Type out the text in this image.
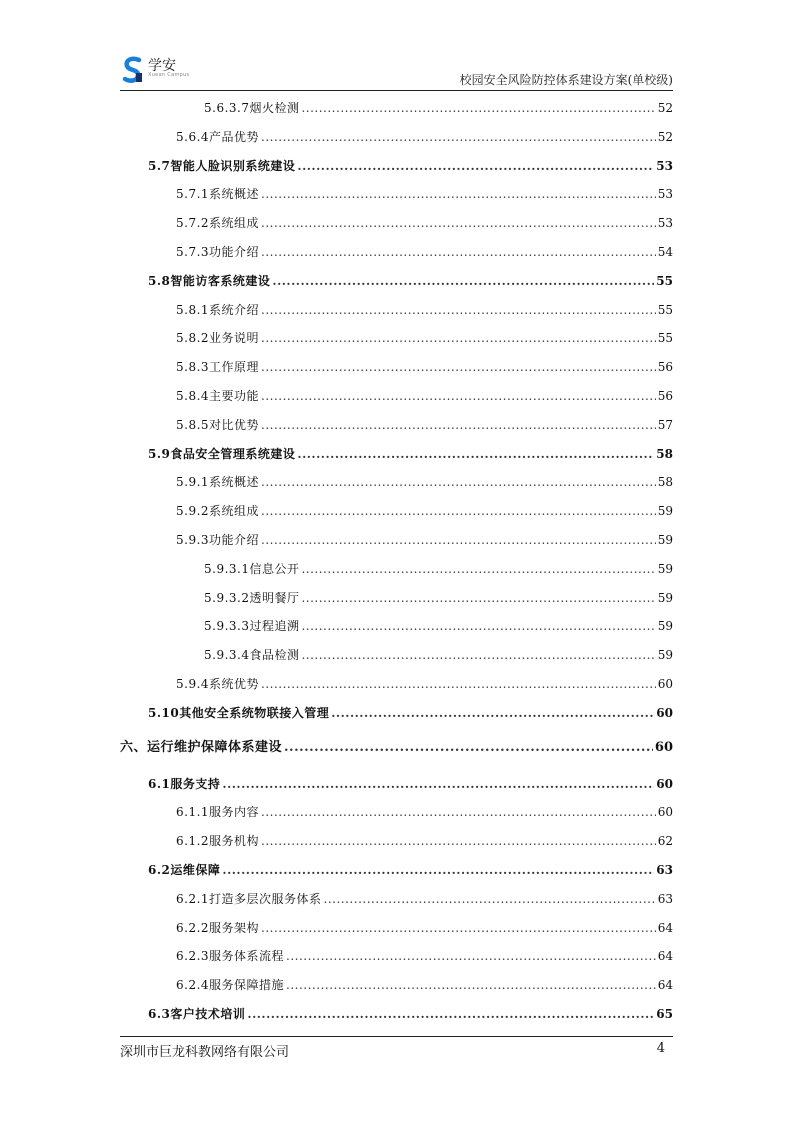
学安
Xuean Campus	校园安全风险防控体系建设方案(单校级)
5.6.3.7烟火检测 .....	52
5.6.4产品优势 .....	52
5.7智能人脸识别系统建设 .....	53
5.7.1系统概述 .....	53
5.7.2系统组成 .....	53
5.7.3功能介绍 .....	54
5.8智能访客系统建设 .....	55
5.8.1系统介绍 .....	55
5.8.2业务说明 .....	55
5.8.3工作原理 .....	56
5.8.4主要功能 .....	56
5.8.5对比优势 .....	57
5.9食品安全管理系统建设 .....	58
5.9.1系统概述 .....	58
5.9.2系统组成 .....	59
5.9.3功能介绍 .....	59
5.9.3.1信息公开 .....	59
5.9.3.2透明餐厅 .....	59
5.9.3.3过程追溯 .....	59
5.9.3.4食品检测 .....	59
5.9.4系统优势 .....	60
5.10其他安全系统物联接入管理 .....	60
六、运行维护保障体系建设 .....	60
6.1服务支持 .....	60
6.1.1服务内容 .....	60
6.1.2服务机构 .....	62
6.2运维保障 .....	63
6.2.1打造多层次服务体系 .....	63
6.2.2服务架构 .....	64
6.2.3服务体系流程 .....	64
6.2.4服务保障措施 .....	64
6.3客户技术培训 .....	65
深圳市巨龙科教网络有限公司	4
